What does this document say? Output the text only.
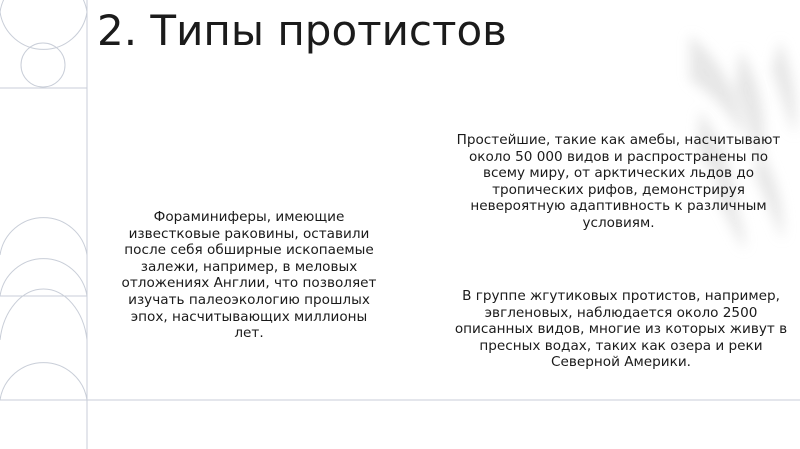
2. Типы протистов

Фораминиферы, имеющие известковые раковины, оставили после себя обширные ископаемые залежи, например, в меловых отложениях Англии, что позволяет изучать палеоэкологию прошлых эпох, насчитывающих миллионы лет.

Простейшие, такие как амебы, насчитывают около 50 000 видов и распространены по всему миру, от арктических льдов до тропических рифов, демонстрируя невероятную адаптивность к различным условиям.

В группе жгутиковых протистов, например, эвгленовых, наблюдается около 2500 описанных видов, многие из которых живут в пресных водах, таких как озера и реки Северной Америки.
